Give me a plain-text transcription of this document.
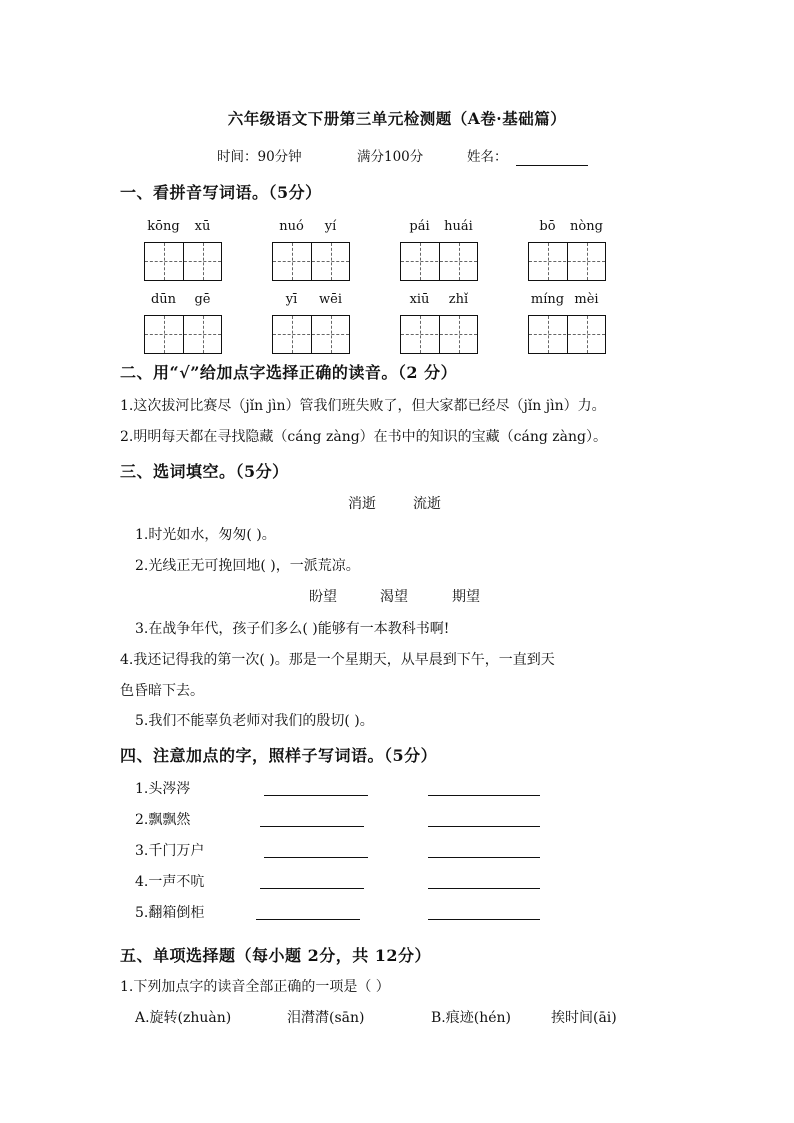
六年级语文下册第三单元检测题（A卷·基础篇）
时间：90分钟	满分100分	姓名：
一、看拼音写词语。（5分）
kōng	xū	nuó	yí	pái	huái	bō	nòng
dūn	gē	yī	wēi	xiū	zhǐ	míng mèi
二、用“√”给加点字选择正确的读音。（2 分）
1.这次拔河比赛尽（jǐn jìn）管我们班失败了，但大家都已经尽（jǐn jìn）力。
2.明明每天都在寻找隐藏（cáng zàng）在书中的知识的宝藏（cáng zàng）。
三、选词填空。（5分）
消逝	流逝
1.时光如水，匆匆( )。
2.光线正无可挽回地( )，一派荒凉。
盼望	渴望	期望
3.在战争年代，孩子们多么( )能够有一本教科书啊!
4.我还记得我的第一次( )。那是一个星期天，从早晨到下午，一直到天
色昏暗下去。
5.我们不能辜负老师对我们的殷切( )。
四、注意加点的字，照样子写词语。（5分）
1.头涔涔
2.飘飘然
3.千门万户
4.一声不吭
5.翻箱倒柜
五、单项选择题（每小题 2分，共 12分）
1.下列加点字的读音全部正确的一项是（ ）
A.旋转(zhuàn)	泪潸潸(sān)	B.痕迹(hén)	挨时间(āi)
